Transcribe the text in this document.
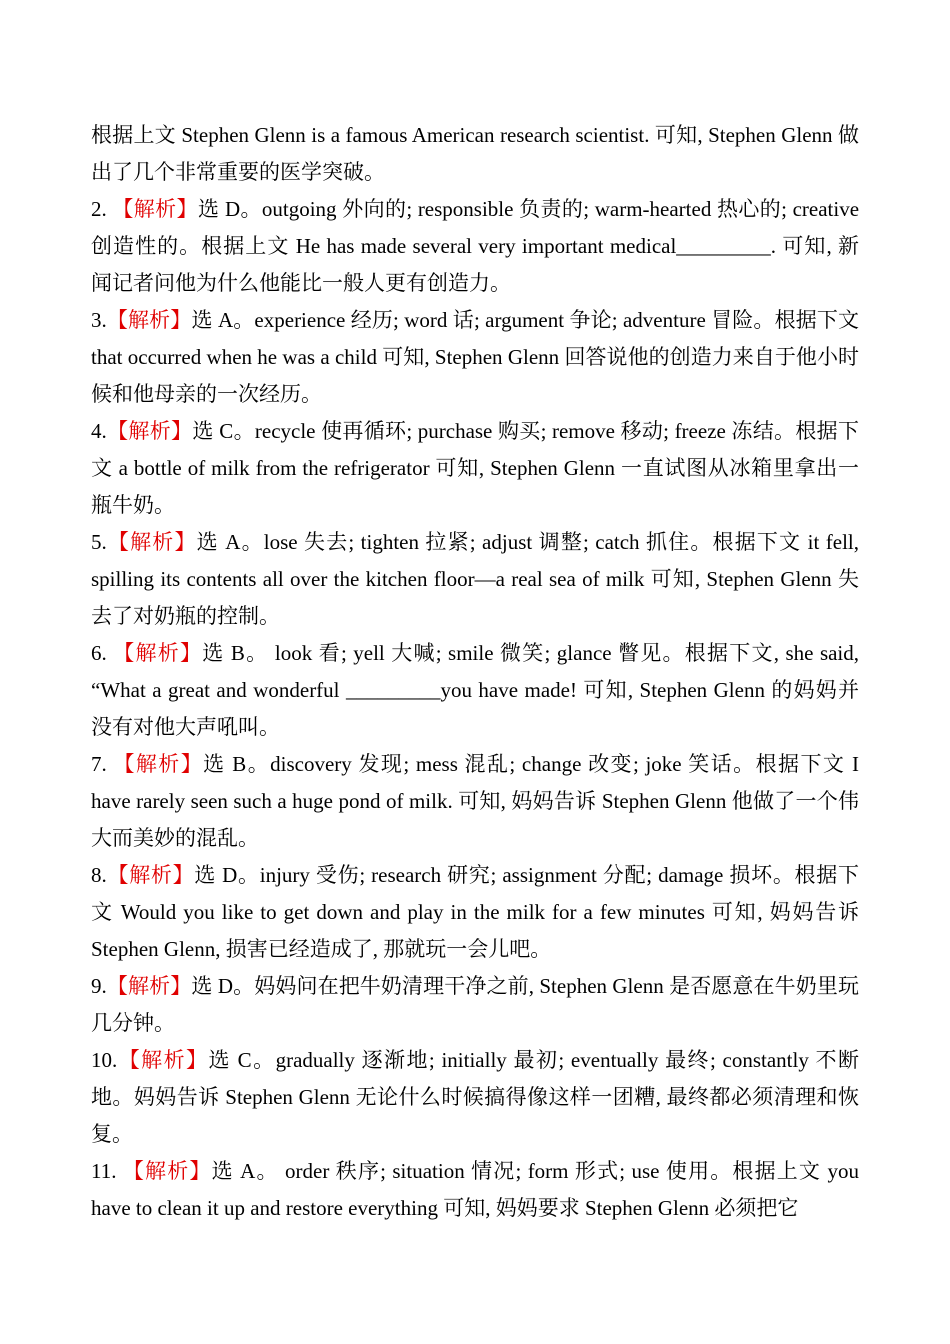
根据上文 Stephen Glenn is a famous American research scientist. 可知, Stephen Glenn 做出了几个非常重要的医学突破。

2. 【解析】选 D。outgoing 外向的; responsible 负责的; warm-hearted 热心的; creative 创造性的。根据上文 He has made several very important medical_________. 可知, 新闻记者问他为什么他能比一般人更有创造力。

3.【解析】选 A。experience 经历; word 话; argument 争论; adventure 冒险。根据下文 that occurred when he was a child 可知, Stephen Glenn 回答说他的创造力来自于他小时候和他母亲的一次经历。

4.【解析】选 C。recycle 使再循环; purchase 购买; remove 移动; freeze 冻结。根据下文 a bottle of milk from the refrigerator 可知, Stephen Glenn 一直试图从冰箱里拿出一瓶牛奶。

5.【解析】选 A。lose 失去; tighten 拉紧; adjust 调整; catch 抓住。根据下文 it fell, spilling its contents all over the kitchen floor—a real sea of milk 可知, Stephen Glenn 失去了对奶瓶的控制。

6. 【解析】选 B。 look 看; yell 大喊; smile 微笑; glance 瞥见。根据下文, she said, “What a great and wonderful _________you have made! 可知, Stephen Glenn 的妈妈并没有对他大声吼叫。

7. 【解析】选 B。discovery 发现; mess 混乱; change 改变; joke 笑话。根据下文 I have rarely seen such a huge pond of milk. 可知, 妈妈告诉 Stephen Glenn 他做了一个伟大而美妙的混乱。

8.【解析】选 D。injury 受伤; research 研究; assignment 分配; damage 损坏。根据下文 Would you like to get down and play in the milk for a few minutes 可知, 妈妈告诉 Stephen Glenn, 损害已经造成了, 那就玩一会儿吧。

9.【解析】选 D。妈妈问在把牛奶清理干净之前, Stephen Glenn 是否愿意在牛奶里玩几分钟。

10.【解析】选 C。gradually 逐渐地; initially 最初; eventually 最终; constantly 不断地。妈妈告诉 Stephen Glenn 无论什么时候搞得像这样一团糟, 最终都必须清理和恢复。

11. 【解析】选 A。 order 秩序; situation 情况; form 形式; use 使用。根据上文 you have to clean it up and restore everything 可知, 妈妈要求 Stephen Glenn 必须把它
